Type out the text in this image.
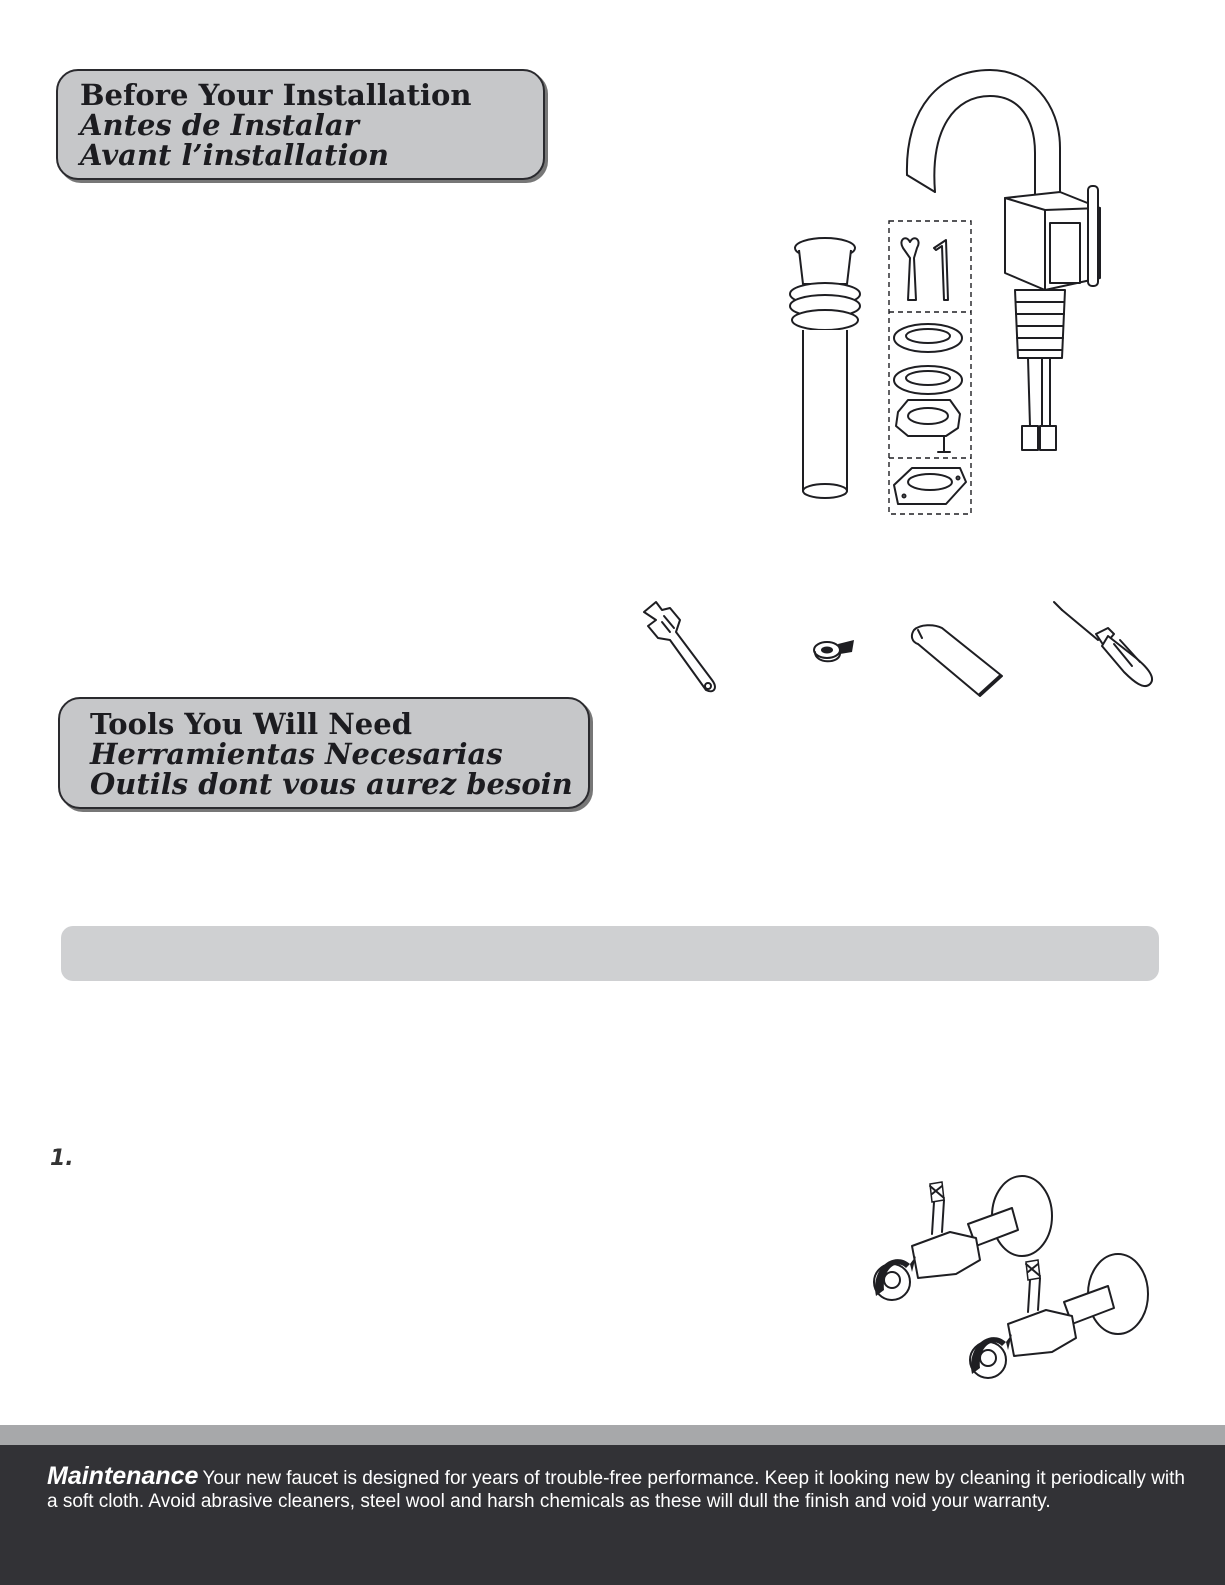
Before Your Installation
Antes de Instalar
Avant l’installation
Tools You Will Need
Herramientas Necesarias
Outils dont vous aurez besoin
1.
Maintenance Your new faucet is designed for years of trouble-free performance. Keep it looking new by cleaning it periodically with a soft cloth. Avoid abrasive cleaners, steel wool and harsh chemicals as these will dull the finish and void your warranty.
